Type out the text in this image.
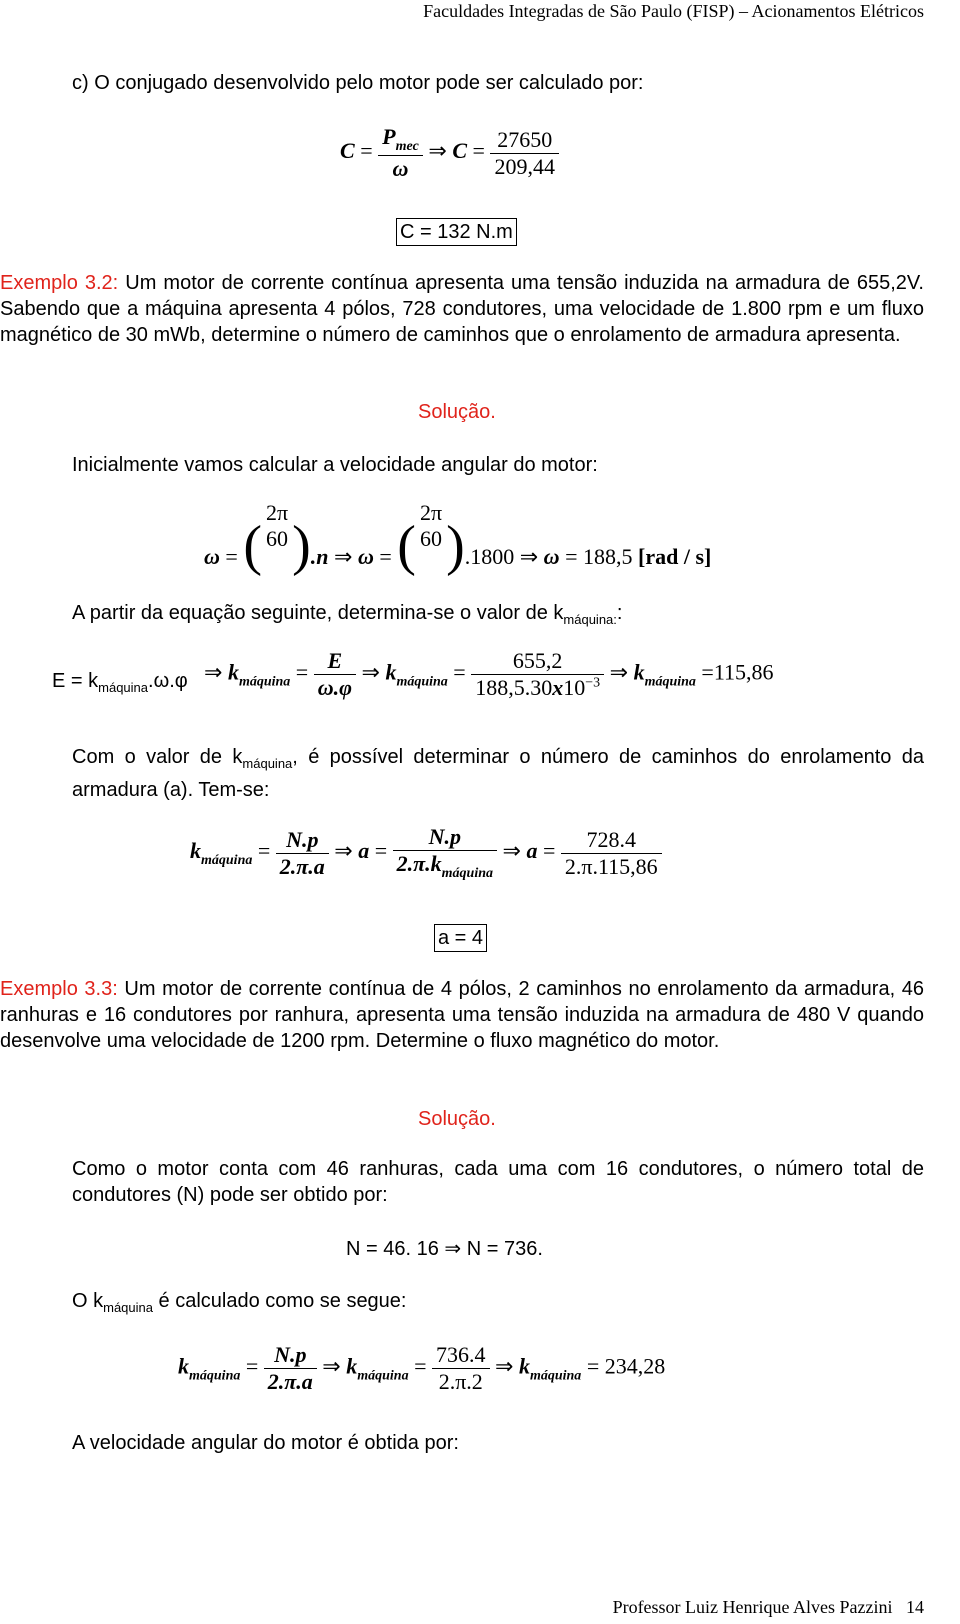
Faculdades Integradas de São Paulo (FISP) – Acionamentos Elétricos
c) O conjugado desenvolvido pelo motor pode ser calculado por:
$C = \frac{P_{mec}}{\omega}$ ⇒ $C = \frac{27650}{209,44}$
C = 132 N.m
Exemplo 3.2: Um motor de corrente contínua apresenta uma tensão induzida na armadura de 655,2V. Sabendo que a máquina apresenta 4 pólos, 728 condutores, uma velocidade de 1.800 rpm e um fluxo magnético de 30 mWb, determine o número de caminhos que o enrolamento de armadura apresenta.
Solução.
Inicialmente vamos calcular a velocidade angular do motor:
ω = (
2π
60 ).n ⇒ ω = (
2π
60 ).1800 ⇒ ω = 188,5 [rad / s]
A partir da equação seguinte, determina-se o valor de $k_{máquina:}$:
$E = k_{máquina}.\omega.\varphi$ ⇒ $k_{máquina} = \frac{E}{\omega.\varphi}$ ⇒ $k_{máquina} = \frac{655,2}{188,5.30x10^{-3}}$ ⇒ $k_{máquina} =115,86$
Com o valor de $k_{máquina}$, é possível determinar o número de caminhos do enrolamento da armadura (a). Tem-se:
$k_{máquina} = \frac{N.p}{2.\pi.a}$ ⇒ $a = \frac{N.p}{2.\pi.k_{máquina}}$ ⇒ $a = \frac{728.4}{2.\pi.115,86}$
a = 4
Exemplo 3.3: Um motor de corrente contínua de 4 pólos, 2 caminhos no enrolamento da armadura, 46 ranhuras e 16 condutores por ranhura, apresenta uma tensão induzida na armadura de 480 V quando desenvolve uma velocidade de 1200 rpm. Determine o fluxo magnético do motor.
Solução.
Como o motor conta com 46 ranhuras, cada uma com 16 condutores, o número total de condutores (N) pode ser obtido por:
N = 46. 16 ⇒ N = 736.
O $k_{máquina}$ é calculado como se segue:
$k_{máquina} = \frac{N.p}{2.\pi.a}$ ⇒ $k_{máquina} = \frac{736.4}{2.\pi.2}$ ⇒ $k_{máquina} = 234,28$
A velocidade angular do motor é obtida por:
Professor Luiz Henrique Alves Pazzini 14
